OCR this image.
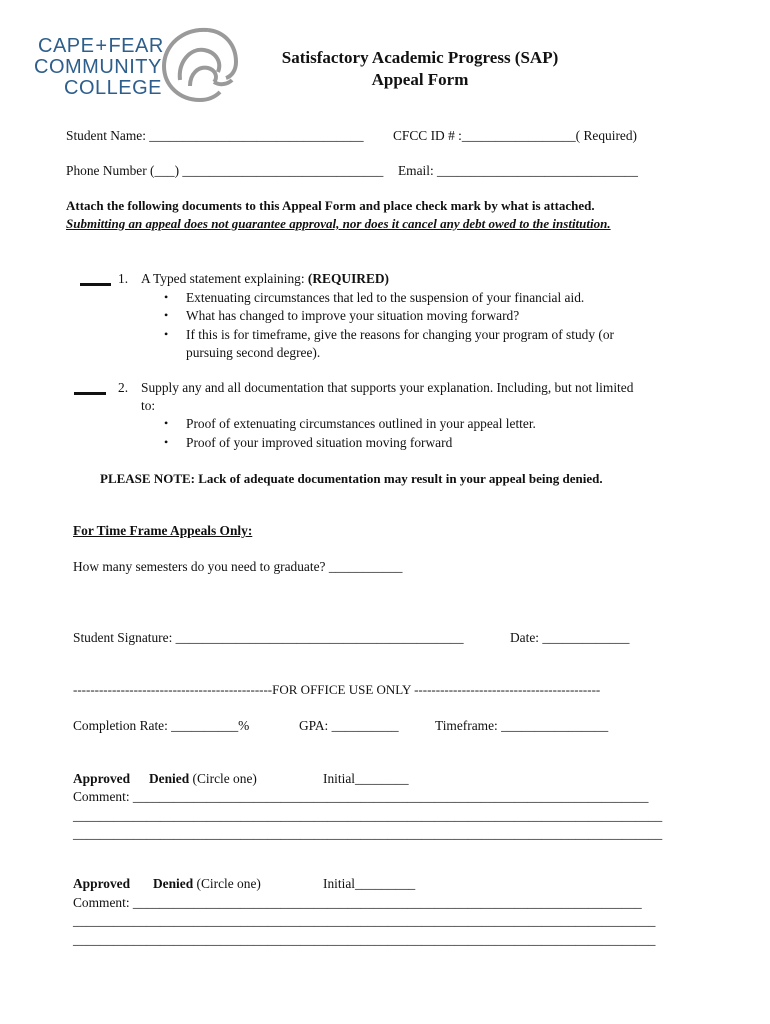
CAPE+FEAR
COMMUNITY
COLLEGE
Satisfactory Academic Progress (SAP)
Appeal Form
Student Name: ________________________________ CFCC ID # :_________________( Required)
Phone Number (___) ______________________________ Email: ______________________________
Attach the following documents to this Appeal Form and place check mark by what is attached.
Submitting an appeal does not guarantee approval, nor does it cancel any debt owed to the institution.
1. A Typed statement explaining: (REQUIRED)
• Extenuating circumstances that led to the suspension of your financial aid.
• What has changed to improve your situation moving forward?
• If this is for timeframe, give the reasons for changing your program of study (or
pursuing second degree).
2. Supply any and all documentation that supports your explanation. Including, but not limited
to:
• Proof of extenuating circumstances outlined in your appeal letter.
• Proof of your improved situation moving forward
PLEASE NOTE: Lack of adequate documentation may result in your appeal being denied.
For Time Frame Appeals Only:
How many semesters do you need to graduate? ___________
Student Signature: ___________________________________________	Date: _____________
----------------------------------------------FOR OFFICE USE ONLY -------------------------------------------
Completion Rate: __________%	GPA: __________	Timeframe: ________________
Approved Denied (Circle one)	Initial________
Comment: _____________________________________________________________________________
________________________________________________________________________________________
________________________________________________________________________________________
Approved Denied (Circle one)	Initial_________
Comment: ____________________________________________________________________________
_______________________________________________________________________________________
_______________________________________________________________________________________
